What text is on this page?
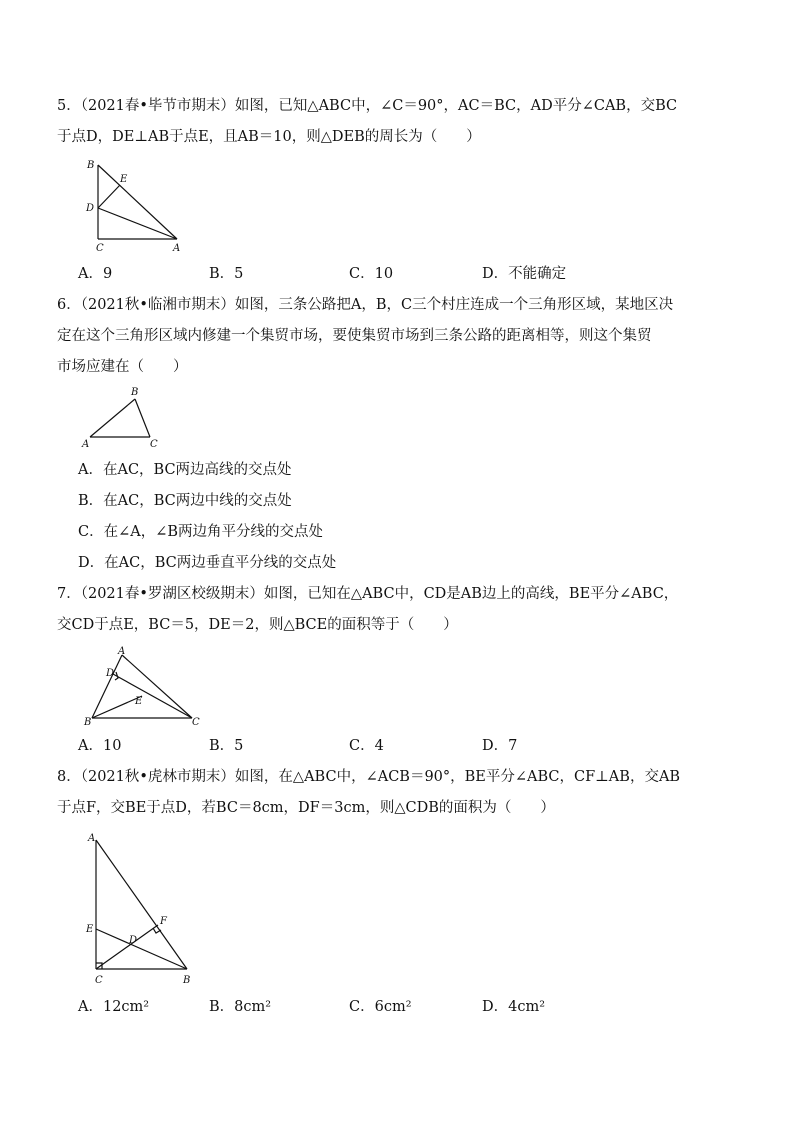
5．（2021春•毕节市期末）如图，已知△ABC中，∠C＝90°，AC＝BC，AD平分∠CAB，交BC
于点D，DE⊥AB于点E，且AB＝10，则△DEB的周长为（　　）
B
E
D
C	A
A．9	B．5	C．10	D．不能确定
6．（2021秋•临湘市期末）如图，三条公路把A，B，C三个村庄连成一个三角形区域，某地区决
定在这个三角形区域内修建一个集贸市场，要使集贸市场到三条公路的距离相等，则这个集贸
市场应建在（　　）
A
B
C
A．在AC，BC两边高线的交点处
B．在AC，BC两边中线的交点处
C．在∠A，∠B两边角平分线的交点处
D．在AC，BC两边垂直平分线的交点处
7．（2021春•罗湖区校级期末）如图，已知在△ABC中，CD是AB边上的高线，BE平分∠ABC，
交CD于点E，BC＝5，DE＝2，则△BCE的面积等于（　　）
A
D
E
B	C
A．10	B．5	C．4	D．7
8．（2021秋•虎林市期末）如图，在△ABC中，∠ACB＝90°，BE平分∠ABC，CF⊥AB，交AB
于点F，交BE于点D，若BC＝8cm，DF＝3cm，则△CDB的面积为（　　）
A
E
F
D
C	B
A．12cm²	B．8cm²	C．6cm²	D．4cm²
